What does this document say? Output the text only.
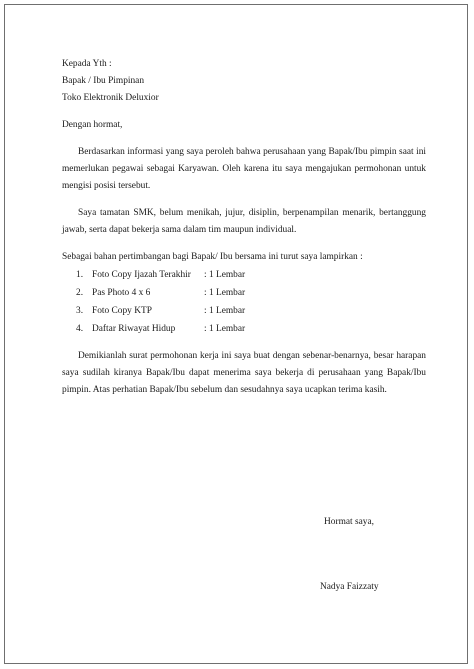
Kepada Yth :
Bapak / Ibu Pimpinan
Toko Elektronik Deluxior
Dengan hormat,

Berdasarkan informasi yang saya peroleh bahwa perusahaan yang Bapak/Ibu pimpin saat ini memerlukan pegawai sebagai Karyawan. Oleh karena itu saya mengajukan permohonan untuk mengisi posisi tersebut.

Saya tamatan SMK, belum menikah, jujur, disiplin, berpenampilan menarik, bertanggung jawab, serta dapat bekerja sama dalam tim maupun individual.

Sebagai bahan pertimbangan bagi Bapak/ Ibu bersama ini turut saya lampirkan :
1. Foto Copy Ijazah Terakhir	: 1 Lembar
2. Pas Photo 4 x 6	: 1 Lembar
3. Foto Copy KTP	: 1 Lembar
4. Daftar Riwayat Hidup	: 1 Lembar

Demikianlah surat permohonan kerja ini saya buat dengan sebenar-benarnya, besar harapan saya sudilah kiranya Bapak/Ibu dapat menerima saya bekerja di perusahaan yang Bapak/Ibu pimpin. Atas perhatian Bapak/Ibu sebelum dan sesudahnya saya ucapkan terima kasih.

Hormat saya,
Nadya Faizzaty
